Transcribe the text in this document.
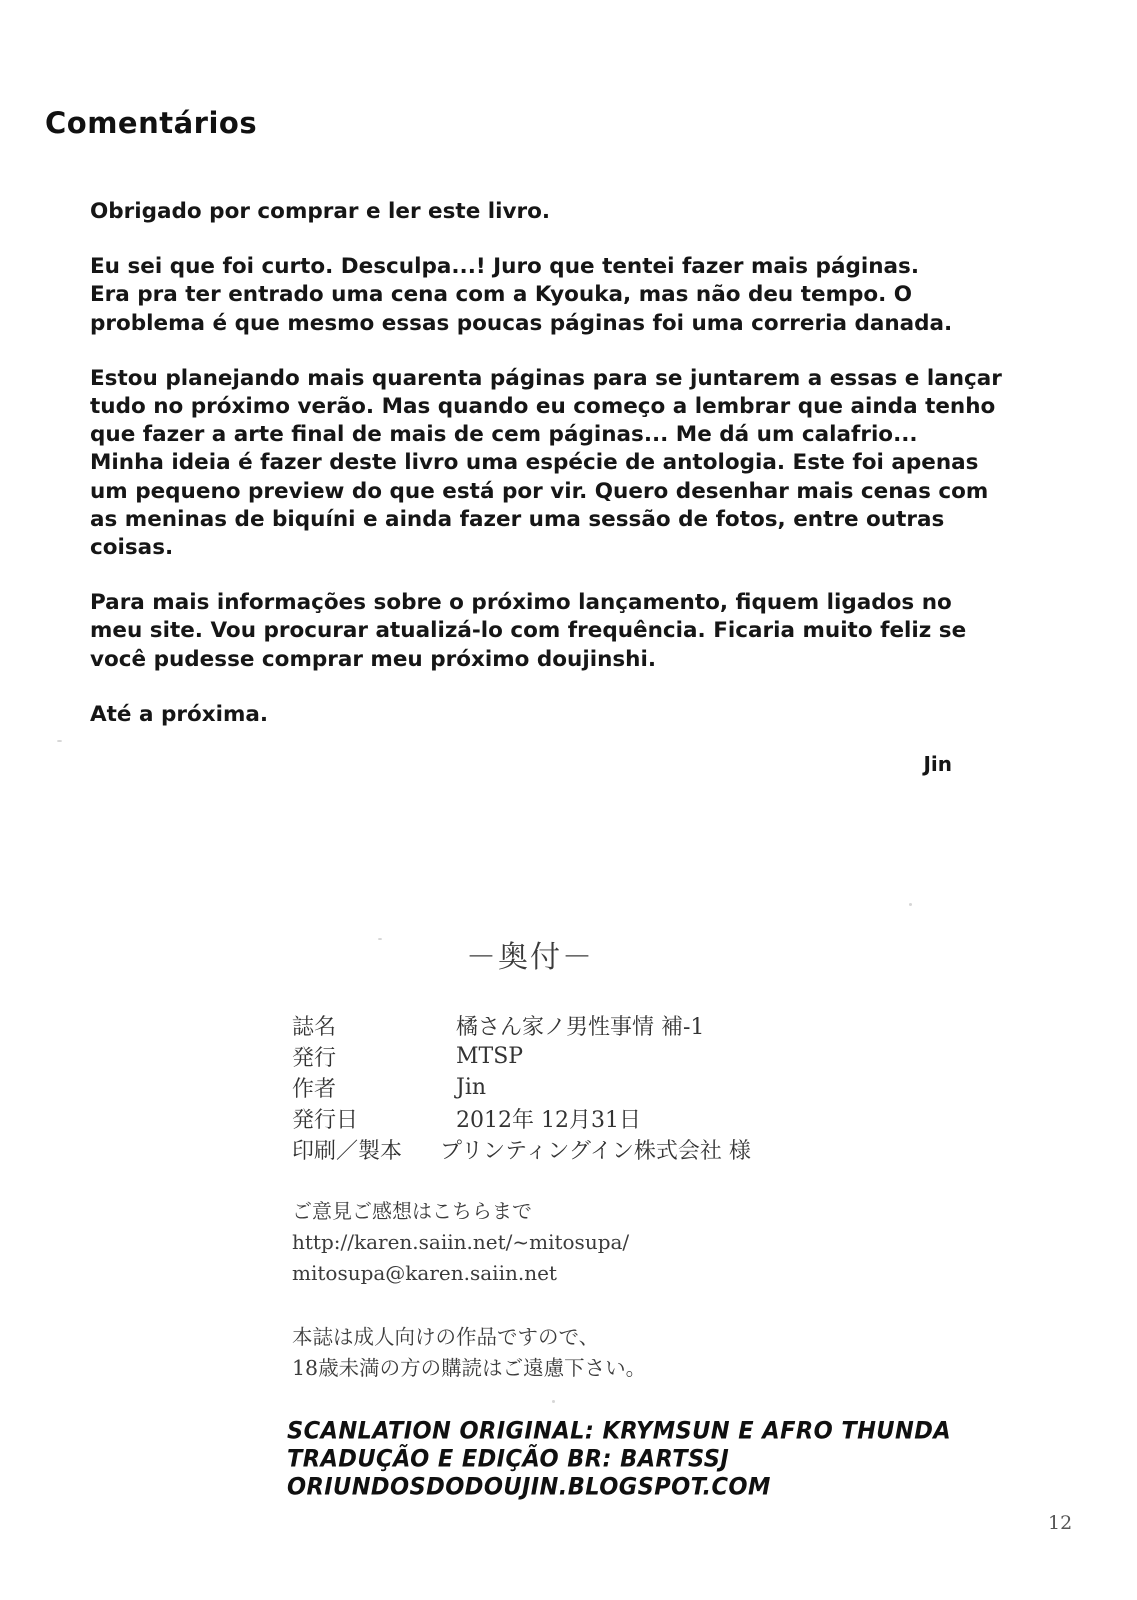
Comentários

Obrigado por comprar e ler este livro.

Eu sei que foi curto. Desculpa...! Juro que tentei fazer mais páginas.
Era pra ter entrado uma cena com a Kyouka, mas não deu tempo. O
problema é que mesmo essas poucas páginas foi uma correria danada.

Estou planejando mais quarenta páginas para se juntarem a essas e lançar
tudo no próximo verão. Mas quando eu começo a lembrar que ainda tenho
que fazer a arte final de mais de cem páginas... Me dá um calafrio...
Minha ideia é fazer deste livro uma espécie de antologia. Este foi apenas
um pequeno preview do que está por vir. Quero desenhar mais cenas com
as meninas de biquíni e ainda fazer uma sessão de fotos, entre outras
coisas.

Para mais informações sobre o próximo lançamento, fiquem ligados no
meu site. Vou procurar atualizá-lo com frequência. Ficaria muito feliz se
você pudesse comprar meu próximo doujinshi.

Até a próxima.

Jin
－奥付－
誌名	橘さん家ノ男性事情 補-1
発行	MTSP
作者	Jin
発行日	2012年 12月31日
印刷／製本	プリンティングイン株式会社 様
ご意見ご感想はこちらまで
http://karen.saiin.net/~mitosupa/
mitosupa@karen.saiin.net
本誌は成人向けの作品ですので、
18歳未満の方の購読はご遠慮下さい。
SCANLATION ORIGINAL: KRYMSUN E AFRO THUNDA
TRADUÇÃO E EDIÇÃO BR: BARTSSJ
ORIUNDOSDODOUJIN.BLOGSPOT.COM
12
